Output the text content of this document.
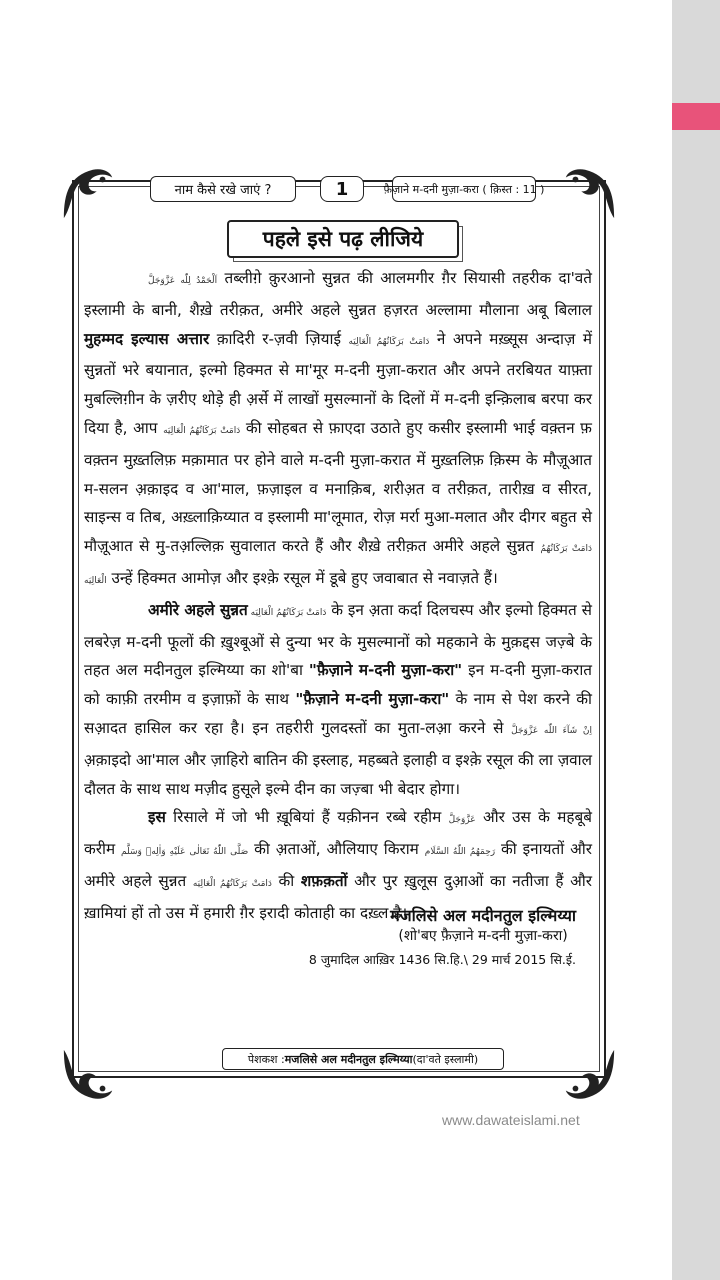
नाम कैसे रखे जाएं ?	1	फ़ैज़ाने म-दनी मुज़ा-करा ( क़िस्त : 11 )
पहले इसे पढ़ लीजिये

اَلْحَمْدُ لِلّٰه عَزَّوَجَلَّ तब्लीग़े क़ुरआनो सुन्नत की आलमगीर ग़ैर सियासी तहरीक दा'वते इस्लामी के बानी, शैखे़ तरीक़त, अमीरे अहले सुन्नत हज़रत अल्लामा मौलाना अबू बिलाल मुहम्मद इल्यास अत्तार क़ादिरी र-ज़वी ज़ियाई دَامَتْ بَرَكَاتُهُمُ الْعَالِيَه ने अपने मख़्सूस अन्दाज़ में सुन्नतों भरे बयानात, इल्मो हिक्मत से मा'मूर म-दनी मुज़ा-करात और अपने तरबियत याफ़्ता मुबल्लिग़ीन के ज़रीए थोड़े ही अ़र्से में लाखों मुसल्मानों के दिलों में म-दनी इन्क़िलाब बरपा कर दिया है, आप دَامَتْ بَرَكَاتُهُمُ الْعَالِيَه की सोहबत से फ़ाएदा उठाते हुए कसीर इस्लामी भाई वक़्तन फ़ वक़्तन मुख़्तलिफ़ मक़ामात पर होने वाले म-दनी मुज़ा-करात में मुख़्तलिफ़ क़िस्म के मौज़ूआत म-सलन अ़क़ाइद व आ'माल, फ़ज़ाइल व मनाक़िब, शरीअ़त व तरीक़त, तारीख़ व सीरत, साइन्स व तिब, अख़्लाक़िय्यात व इस्लामी मा'लूमात, रोज़ मर्रा मुआ-मलात और दीगर बहुत से मौज़ूआत से मु-तअ़ल्लिक़ सुवालात करते हैं और शैखे़ तरीक़त अमीरे अहले सुन्नत دَامَتْ بَرَكَاتُهُمُ الْعَالِيَه उन्हें हिक्मत आमोज़ और इश्क़े रसूल में डूबे हुए जवाबात से नवाज़ते हैं।

अमीरे अहले सुन्नत دَامَتْ بَرَكَاتُهُمُ الْعَالِيَه के इन अ़ता कर्दा दिलचस्प और इल्मो हिक्मत से लबरेज़ म-दनी फूलों की ख़ुश्बूओं से दुन्या भर के मुसल्मानों को महकाने के मुक़द्दस जज़्बे के तहत अल मदीनतुल इल्मिय्या का शो'बा "फ़ैज़ाने म-दनी मुज़ा-करा" इन म-दनी मुज़ा-करात को काफ़ी तरमीम व इज़ाफ़ों के साथ "फ़ैज़ाने म-दनी मुज़ा-करा" के नाम से पेश करने की सआ़दत हासिल कर रहा है। इन तहरीरी गुलदस्तों का मुता-लआ़ करने से اِنْ شَآءَ اللّٰه عَزَّوَجَلَّ अ़क़ाइदो आ'माल और ज़ाहिरो बातिन की इस्लाह, महब्बते इलाही व इश्क़े रसूल की ला ज़वाल दौलत के साथ साथ मज़ीद हुसूले इल्मे दीन का जज़्बा भी बेदार होगा।

इस रिसाले में जो भी ख़ूबियां हैं यक़ीनन रब्बे रहीम عَزَّوَجَلَّ और उस के महबूबे करीम صَلَّى اللّٰهُ تَعَالٰى عَلَيْهِ وَاٰلِهٖ وَسَلَّم की अ़ताओं, औलियाए किराम رَحِمَهُمُ اللّٰهُ السَّلَام की इनायतों और अमीरे अहले सुन्नत دَامَتْ بَرَكَاتُهُمُ الْعَالِيَه की शफ़क़तों और पुर ख़ुलूस दुआ़ओं का नतीजा हैं और ख़ामियां हों तो उस में हमारी ग़ैर इरादी कोताही का दख़्ल है।

मजलिसे अल मदीनतुल इल्मिय्या
(शो'बए फ़ैज़ाने म-दनी मुज़ा-करा)
8 जुमादिल आख़िर 1436 सि.हि.\ 29 मार्च 2015 सि.ई.
पेशकश : मजलिसे अल मदीनतुल इल्मिय्या (दा'वते इस्लामी)
www.dawateislami.net
